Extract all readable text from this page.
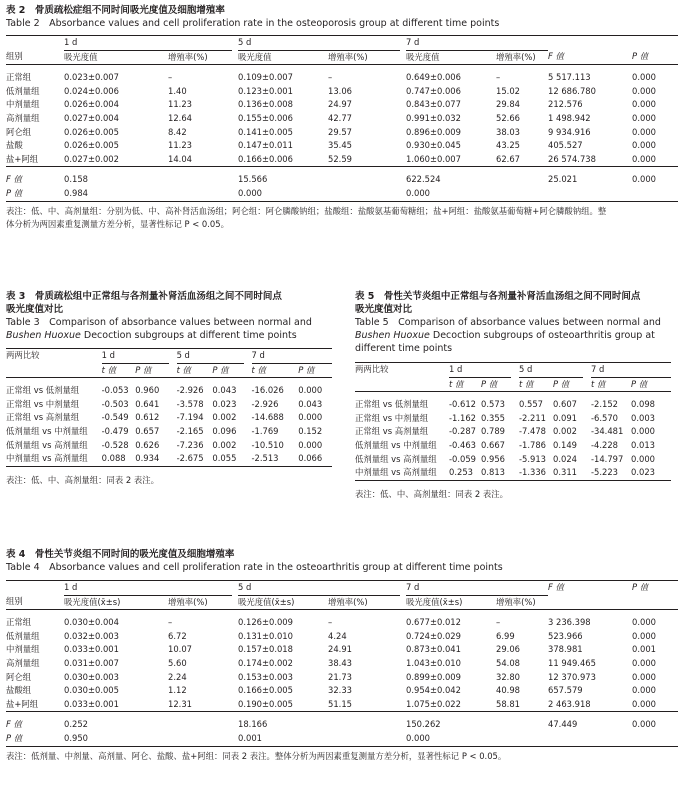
表 2　骨质疏松症组不同时间吸光度值及细胞增殖率
Table 2　Absorbance values and cell proliferation rate in the osteoporosis group at different time points
	1 d			5 d			7 d			
组别	吸光度值	增殖率(%)		吸光度值	增殖率(%)		吸光度值	增殖率(%)	F 值	P 值

正常组	0.023±0.007	–		0.109±0.007	–		0.649±0.006	–	5 517.113	0.000
低剂量组	0.024±0.006	1.40		0.123±0.001	13.06		0.747±0.006	15.02	12 686.780	0.000
中剂量组	0.026±0.004	11.23		0.136±0.008	24.97		0.843±0.077	29.84	212.576	0.000
高剂量组	0.027±0.004	12.64		0.155±0.006	42.77		0.991±0.032	52.66	1 498.942	0.000
阿仑组	0.026±0.005	8.42		0.141±0.005	29.57		0.896±0.009	38.03	9 934.916	0.000
盐酸	0.026±0.005	11.23		0.147±0.011	35.45		0.930±0.045	43.25	405.527	0.000
盐+阿组	0.027±0.002	14.04		0.166±0.006	52.59		1.060±0.007	62.67	26 574.738	0.000

F 值	0.158			15.566			622.524		25.021	0.000
P 值	0.984			0.000			0.000			
表注：低、中、高剂量组：分别为低、中、高补肾活血汤组；阿仑组：阿仑膦酸钠组；盐酸组：盐酸氨基葡萄糖组；盐+阿组：盐酸氨基葡萄糖+阿仑膦酸钠组。整
体分析为两因素重复测量方差分析，显著性标记 P < 0.05。
表 3　骨质疏松组中正常组与各剂量补肾活血汤组之间不同时间点
吸光度值对比
Table 3　Comparison of absorbance values between normal and
Bushen Huoxue Decoction subgroups at different time points
两两比较	1 d			5 d			7 d	
	t 值	P 值		t 值	P 值		t 值	P 值

正常组 vs 低剂量组	-0.053	0.960		-2.926	0.043		-16.026	0.000
正常组 vs 中剂量组	-0.503	0.641		-3.578	0.023		-2.926	0.043
正常组 vs 高剂量组	-0.549	0.612		-7.194	0.002		-14.688	0.000
低剂量组 vs 中剂量组	-0.479	0.657		-2.165	0.096		-1.769	0.152
低剂量组 vs 高剂量组	-0.528	0.626		-7.236	0.002		-10.510	0.000
中剂量组 vs 高剂量组	0.088	0.934		-2.675	0.055		-2.513	0.066
表注：低、中、高剂量组：同表 2 表注。
表 5　骨性关节炎组中正常组与各剂量补肾活血汤组之间不同时间点
吸光度值对比
Table 5　Comparison of absorbance values between normal and
Bushen Huoxue Decoction subgroups of osteoarthritis group at
different time points
两两比较	1 d			5 d			7 d	
	t 值	P 值		t 值	P 值		t 值	P 值

正常组 vs 低剂量组	-0.612	0.573		0.557	0.607		-2.152	0.098
正常组 vs 中剂量组	-1.162	0.355		-2.211	0.091		-6.570	0.003
正常组 vs 高剂量组	-0.287	0.789		-7.478	0.002		-34.481	0.000
低剂量组 vs 中剂量组	-0.463	0.667		-1.786	0.149		-4.228	0.013
低剂量组 vs 高剂量组	-0.059	0.956		-5.913	0.024		-14.797	0.000
中剂量组 vs 高剂量组	0.253	0.813		-1.336	0.311		-5.223	0.023
表注：低、中、高剂量组：同表 2 表注。
表 4　骨性关节炎组不同时间的吸光度值及细胞增殖率
Table 4　Absorbance values and cell proliferation rate in the osteoarthritis group at different time points
	1 d			5 d			7 d		F 值	P 值
组别	吸光度值(x̄±s)	增殖率(%)		吸光度值(x̄±s)	增殖率(%)		吸光度值(x̄±s)	增殖率(%)		

正常组	0.030±0.004	–		0.126±0.009	–		0.677±0.012	–	3 236.398	0.000
低剂量组	0.032±0.003	6.72		0.131±0.010	4.24		0.724±0.029	6.99	523.966	0.000
中剂量组	0.033±0.001	10.07		0.157±0.018	24.91		0.873±0.041	29.06	378.981	0.001
高剂量组	0.031±0.007	5.60		0.174±0.002	38.43		1.043±0.010	54.08	11 949.465	0.000
阿仑组	0.030±0.003	2.24		0.153±0.003	21.73		0.899±0.009	32.80	12 370.973	0.000
盐酸组	0.030±0.005	1.12		0.166±0.005	32.33		0.954±0.042	40.98	657.579	0.000
盐+阿组	0.033±0.001	12.31		0.190±0.005	51.15		1.075±0.022	58.81	2 463.918	0.000

F 值	0.252			18.166			150.262		47.449	0.000
P 值	0.950			0.001			0.000			
表注：低剂量、中剂量、高剂量、阿仑、盐酸、盐+阿组：同表 2 表注。整体分析为两因素重复测量方差分析，显著性标记 P < 0.05。
